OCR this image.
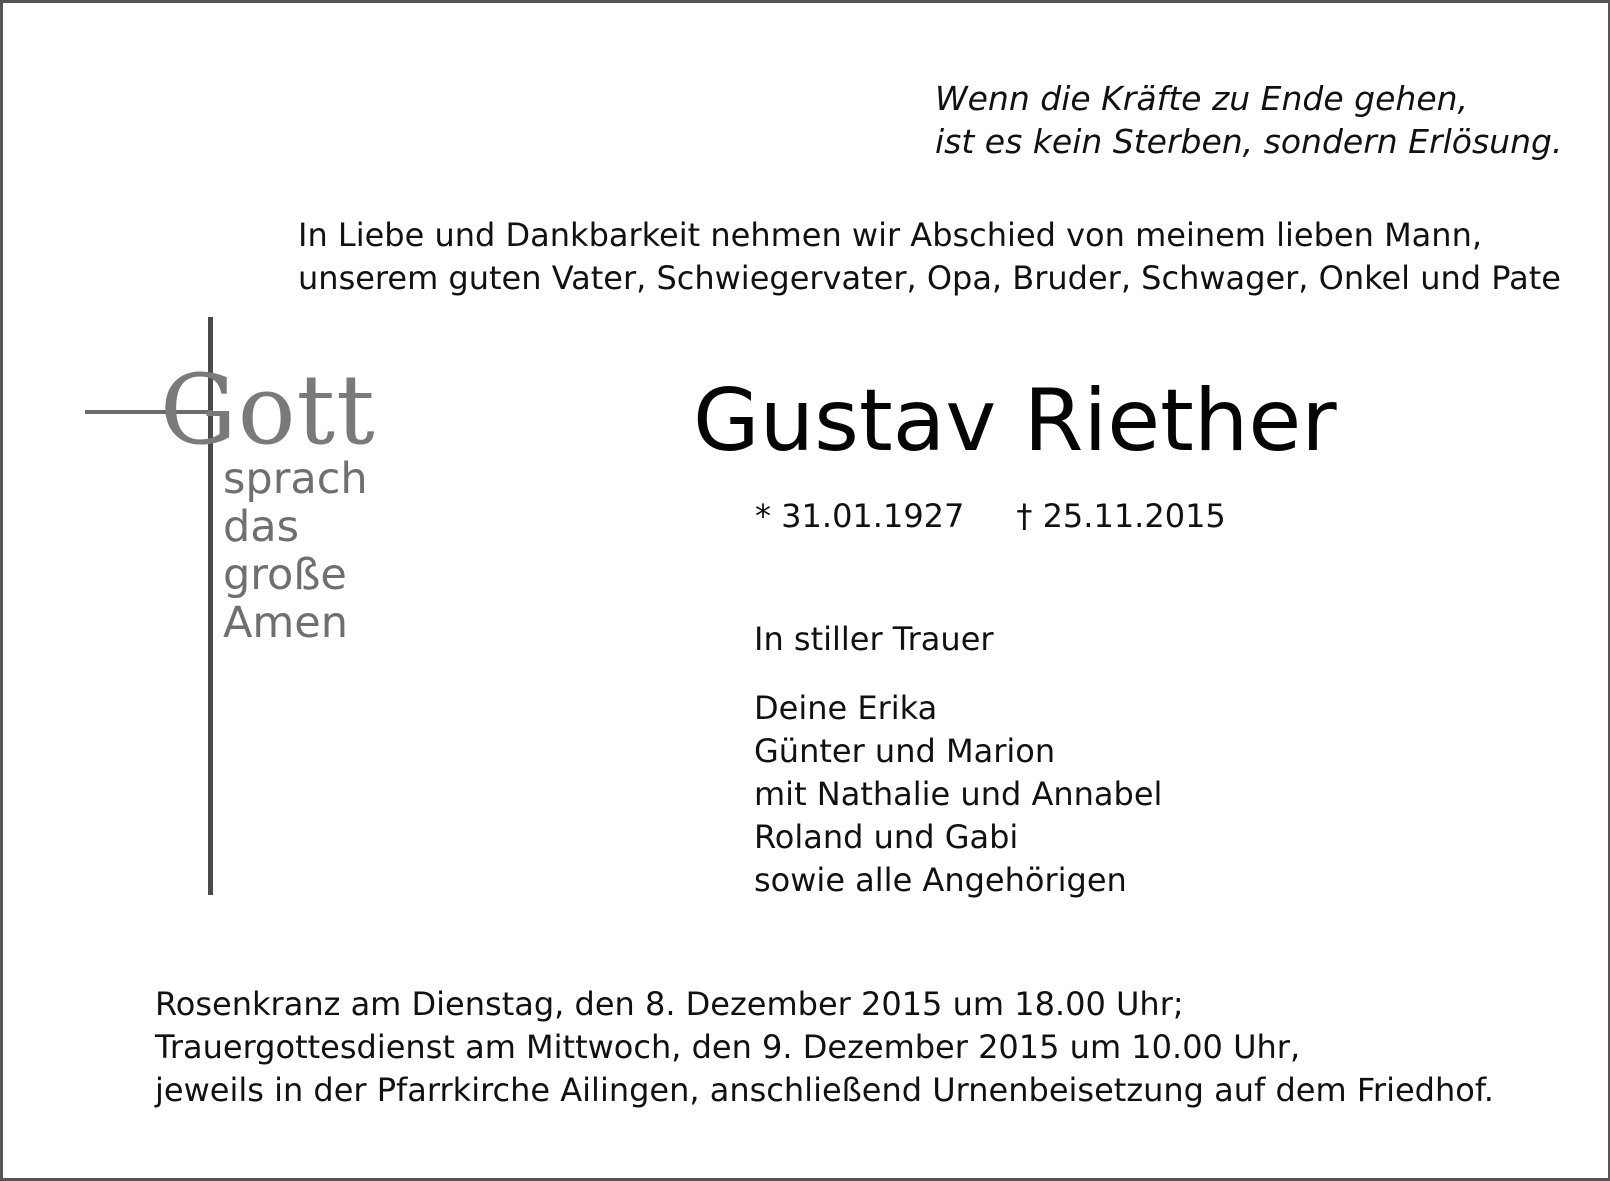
Wenn die Kräfte zu Ende gehen,
ist es kein Sterben, sondern Erlösung.

In Liebe und Dankbarkeit nehmen wir Abschied von meinem lieben Mann,
unserem guten Vater, Schwiegervater, Opa, Bruder, Schwager, Onkel und Pate

Gott

sprach
das
große
Amen

Gustav Riether

* 31.01.1927 † 25.11.2015

In stiller Trauer

Deine Erika
Günter und Marion
mit Nathalie und Annabel
Roland und Gabi
sowie alle Angehörigen

Rosenkranz am Dienstag, den 8. Dezember 2015 um 18.00 Uhr;
Trauergottesdienst am Mittwoch, den 9. Dezember 2015 um 10.00 Uhr,
jeweils in der Pfarrkirche Ailingen, anschließend Urnenbeisetzung auf dem Friedhof.
